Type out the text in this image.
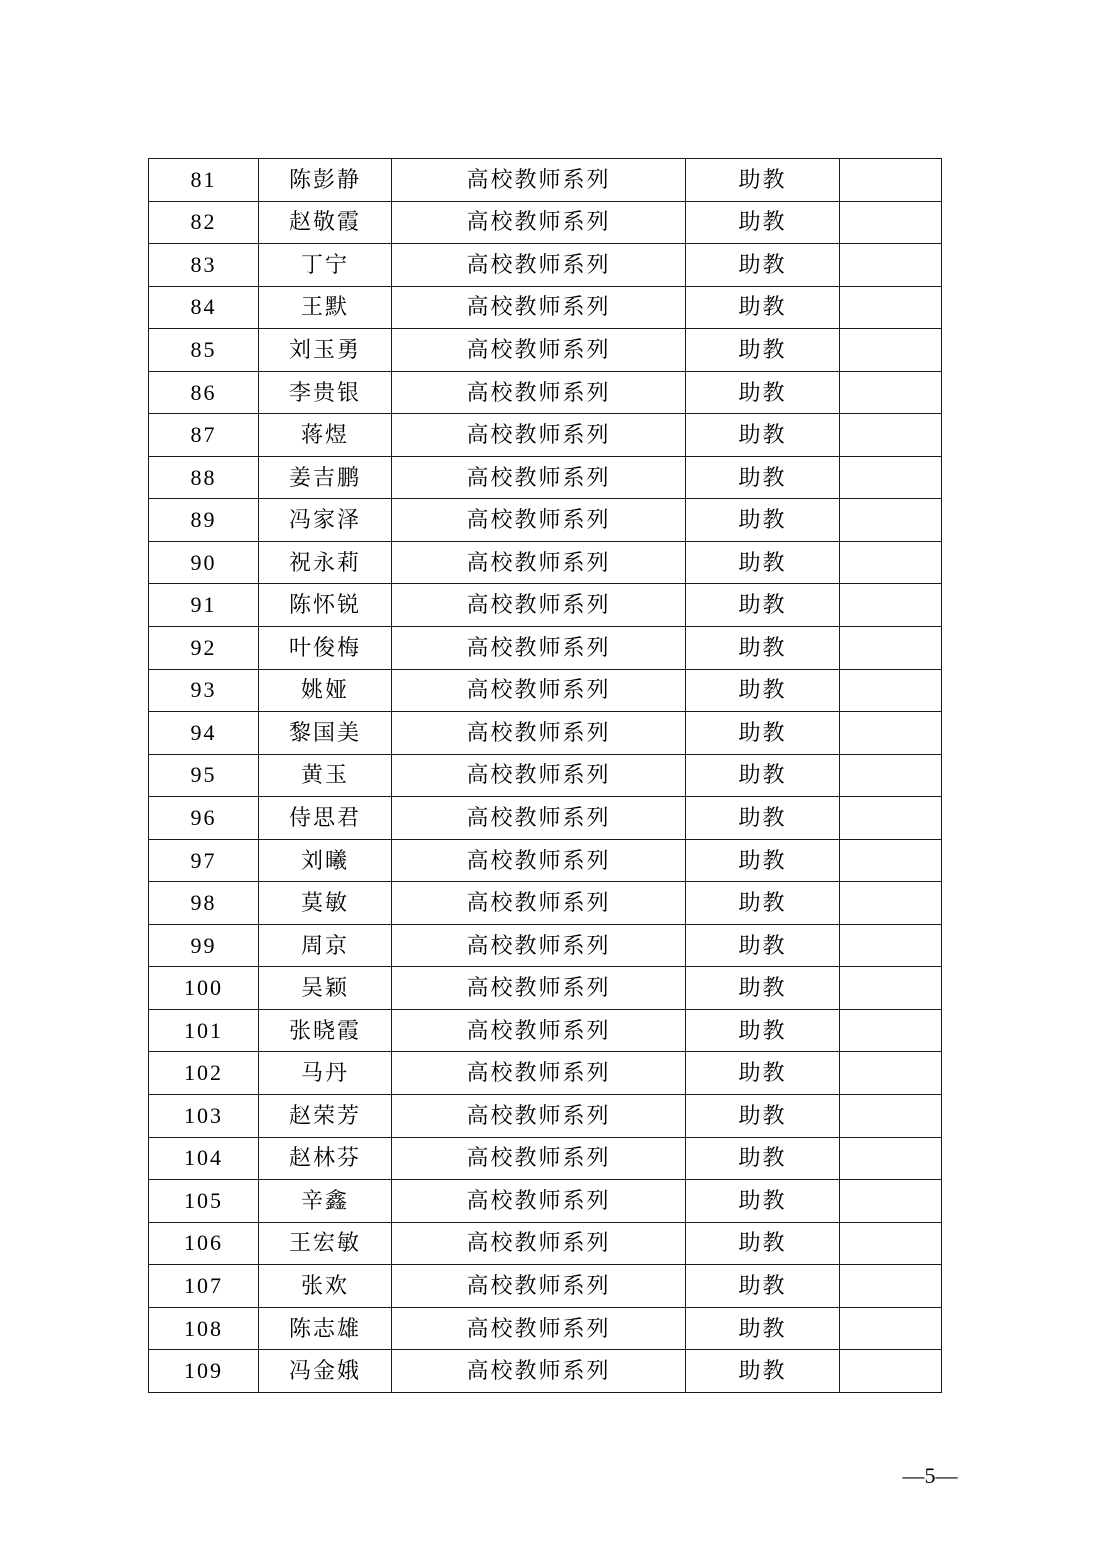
81	陈彭静	高校教师系列	助教	
82	赵敬霞	高校教师系列	助教	
83	丁宁	高校教师系列	助教	
84	王默	高校教师系列	助教	
85	刘玉勇	高校教师系列	助教	
86	李贵银	高校教师系列	助教	
87	蒋煜	高校教师系列	助教	
88	姜吉鹏	高校教师系列	助教	
89	冯家泽	高校教师系列	助教	
90	祝永莉	高校教师系列	助教	
91	陈怀锐	高校教师系列	助教	
92	叶俊梅	高校教师系列	助教	
93	姚娅	高校教师系列	助教	
94	黎国美	高校教师系列	助教	
95	黄玉	高校教师系列	助教	
96	侍思君	高校教师系列	助教	
97	刘曦	高校教师系列	助教	
98	莫敏	高校教师系列	助教	
99	周京	高校教师系列	助教	
100	吴颖	高校教师系列	助教	
101	张晓霞	高校教师系列	助教	
102	马丹	高校教师系列	助教	
103	赵荣芳	高校教师系列	助教	
104	赵林芬	高校教师系列	助教	
105	辛鑫	高校教师系列	助教	
106	王宏敏	高校教师系列	助教	
107	张欢	高校教师系列	助教	
108	陈志雄	高校教师系列	助教	
109	冯金娥	高校教师系列	助教	
—5—
